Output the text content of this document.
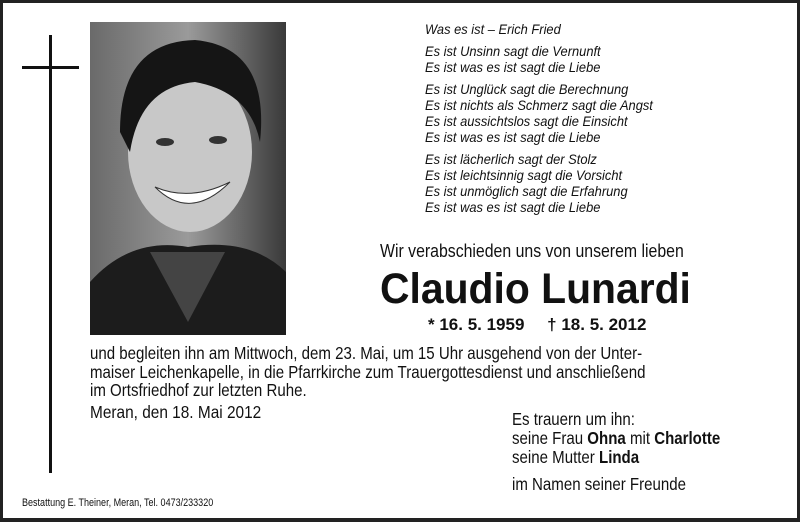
Was es ist – Erich Fried
Es ist Unsinn sagt die Vernunft
Es ist was es ist sagt die Liebe
Es ist Unglück sagt die Berechnung
Es ist nichts als Schmerz sagt die Angst
Es ist aussichtslos sagt die Einsicht
Es ist was es ist sagt die Liebe
Es ist lächerlich sagt der Stolz
Es ist leichtsinnig sagt die Vorsicht
Es ist unmöglich sagt die Erfahrung
Es ist was es ist sagt die Liebe
Wir verabschieden uns von unserem lieben
Claudio Lunardi
* 16. 5. 1959 † 18. 5. 2012
und begleiten ihn am Mittwoch, dem 23. Mai, um 15 Uhr ausgehend von der Unter-
maiser Leichenkapelle, in die Pfarrkirche zum Trauergottesdienst und anschließend
im Ortsfriedhof zur letzten Ruhe.
Meran, den 18. Mai 2012	Es trauern um ihn:
seine Frau Ohna mit Charlotte
seine Mutter Linda
im Namen seiner Freunde
Bestattung E. Theiner, Meran, Tel. 0473/233320
